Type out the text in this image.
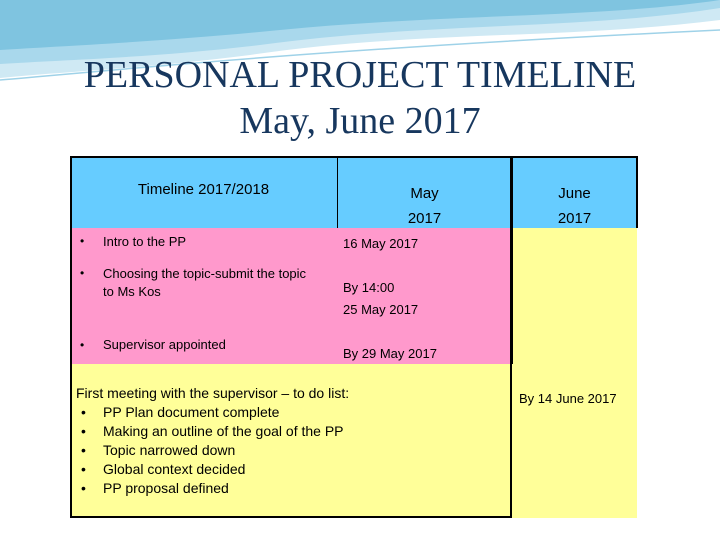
PERSONAL PROJECT TIMELINE
May, June 2017
Timeline 2017/2018	May
2017
June
2017
• Intro to the PP
• Choosing the topic-submit the topic to Ms Kos
• Supervisor appointed
16 May 2017
By 14:00
25 May 2017
By 29 May 2017
First meeting with the supervisor – to do list:
• PP Plan document complete
• Making an outline of the goal of the PP
• Topic narrowed down
• Global context decided
• PP proposal defined
By 14 June 2017
